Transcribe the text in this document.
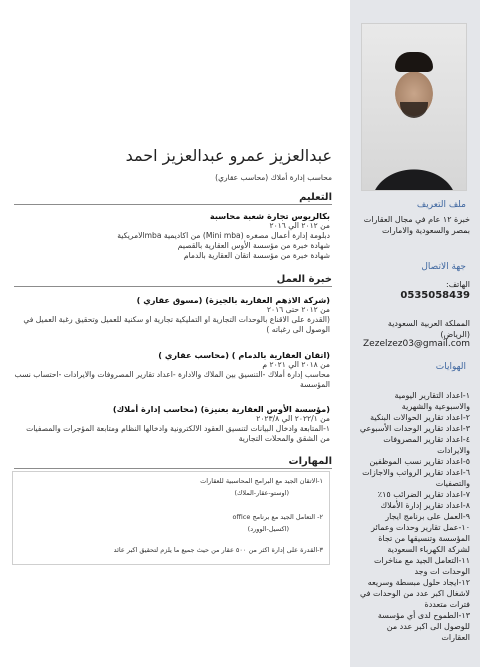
ملف التعريف
خبرة ١٢ عام في مجال العقارات بمصر والسعودية والامارات
جهة الاتصال
الهاتف:
0535058439
المملكة العربية السعودية (الرياض)
Zezelzez03@gmail.com
الهوايات
١-اعداد التقارير اليومية والاسبوعية والشهرية
٢-اعداد تقارير الحوالات البنكية
٣-اعداد تقارير الوحدات الأسبوعي
٤-اعداد تقارير المصروفات والايرادات
٥-اعداد تقارير نسب الموظفين
٦-اعداد تقارير الرواتب والاجازات والتصفيات
٧-اعداد تقارير الضرائب ١٥٪
٨-اعداد تقارير إدارة الأملاك
٩-العمل على برنامج ايجار
١٠-عمل تقارير وحدات وعمائر المؤسسة وتنسيقها من تجاة لشركة الكهرباء السعودية
١١-التعامل الجيد مع مناخرات الوحدات ات وجد
١٢-ايجاد حلول مبسطة وسريعه لاشغال اكبر عدد من الوحدات في فترات متعددة
١٣-الطموح لدى أي مؤسسة للوصول الى اكبر عدد من العقارات
عبدالعزيز عمرو عبدالعزيز احمد
محاسب إدارة أملاك (محاسب عقاري)
التعليم
بكالريوس تجارة شعبة محاسبة
من ٢٠١٢ الي ٢٠١٦
دبلومة إدارة أعمال مصغره (Mini mba) من اكاديمية mbaالامريكية
شهادة خبرة من مؤسسة الأوس العقارية بالقصيم
شهادة خبرة من مؤسسة اتقان العقارية بالدمام
خبرة العمل
(شركة الاذهم العقارية بالجيزة) (مسوق عقاري )
من ٢٠١٢ حتى ٢٠١٦
(القدرة على الاقناع بالوحدات التجارية او التمليكية تجارية او سكنية للعميل وتحقيق رغبة العميل في الوصول الى رغباته )
(اتقان العقارية بالدمام ) (محاسب عقاري )
من ٢٠١٨ الي ٢٠٢١ م
محاسب إدارة أملاك -التنسيق بين الملاك والادارة -اعداد تقارير المصروفات والايرادات -احتساب نسب المؤسسة
(مؤسسة الأوس العقارية بعنيزة) (محاسب إدارة أملاك)
من ٢٠٢٢/١ الي ٢٠٢٣/٨
١-المتابعة وادخال البيانات لتنسيق العقود الالكترونية وادخالها النظام ومتابعة المؤجرات والمصفيات من الشقق والمحلات التجارية
المهارات
١-الاتقان الجيد مع البرامج المحاسبية للعقارات
(اوستو-عقار-الملاك)
٢- التعامل الجيد مع برنامج office
(اكسيل-الوورد)
٣-القدرة على إدارة اكثر من ٥٠٠ عقار من حيث جميع ما يلزم لتحقيق اكبر عائد
